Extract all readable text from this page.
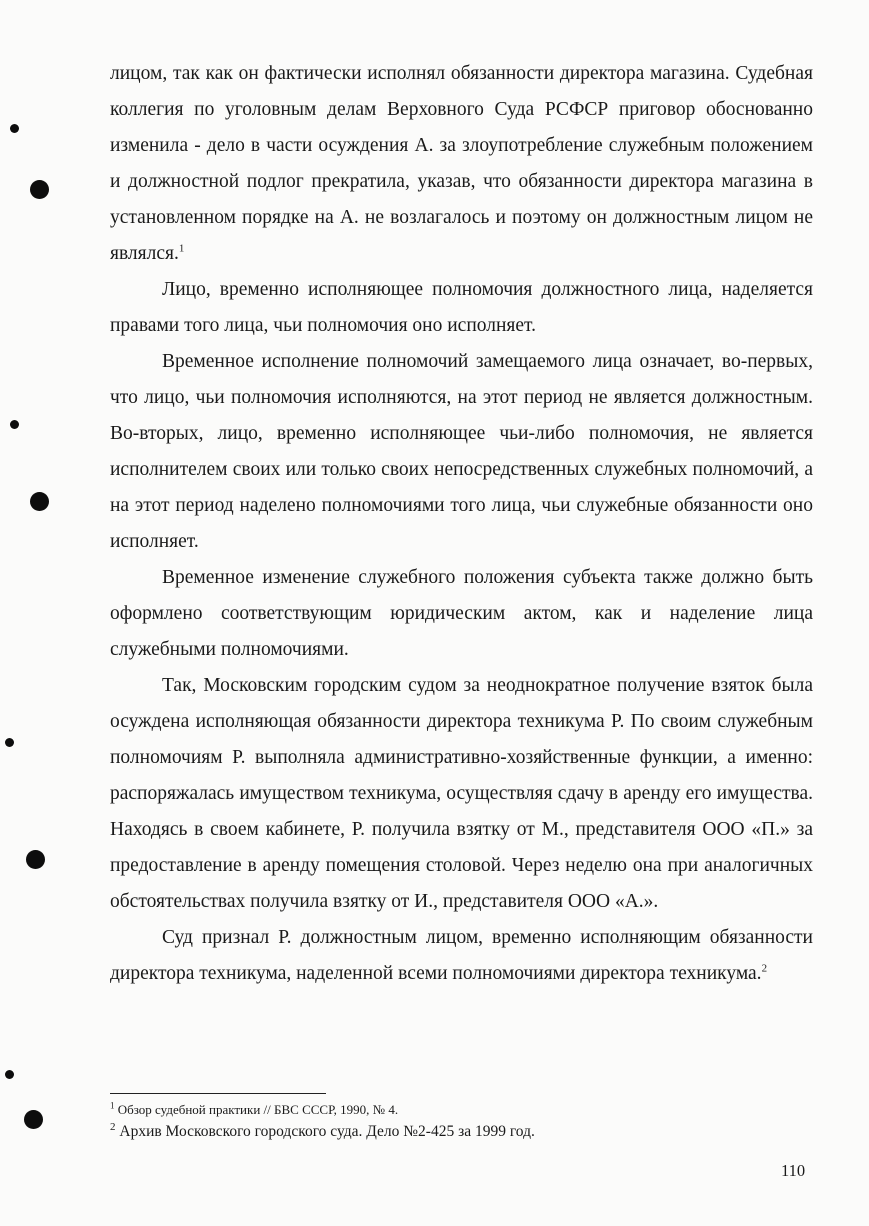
лицом, так как он фактически исполнял обязанности директора магазина. Судебная коллегия по уголовным делам Верховного Суда РСФСР приговор обоснованно изменила - дело в части осуждения А. за злоупотребление служебным положением и должностной подлог прекратила, указав, что обязанности директора магазина в установленном порядке на А. не возлагалось и поэтому он должностным лицом не являлся.$^1$

Лицо, временно исполняющее полномочия должностного лица, наделяется правами того лица, чьи полномочия оно исполняет.

Временное исполнение полномочий замещаемого лица означает, во-первых, что лицо, чьи полномочия исполняются, на этот период не является должностным. Во-вторых, лицо, временно исполняющее чьи-либо полномочия, не является исполнителем своих или только своих непосредственных служебных полномочий, а на этот период наделено полномочиями того лица, чьи служебные обязанности оно исполняет.

Временное изменение служебного положения субъекта также должно быть оформлено соответствующим юридическим актом, как и наделение лица служебными полномочиями.

Так, Московским городским судом за неоднократное получение взяток была осуждена исполняющая обязанности директора техникума Р. По своим служебным полномочиям Р. выполняла административно-хозяйственные функции, а именно: распоряжалась имуществом техникума, осуществляя сдачу в аренду его имущества. Находясь в своем кабинете, Р. получила взятку от М., представителя ООО «П.» за предоставление в аренду помещения столовой. Через неделю она при аналогичных обстоятельствах получила взятку от И., представителя ООО «А.».

Суд признал Р. должностным лицом, временно исполняющим обязанности директора техникума, наделенной всеми полномочиями директора техникума.$^2$

$^1$ Обзор судебной практики // БВС СССР, 1990, № 4.
$^2$ Архив Московского городского суда. Дело №2-425 за 1999 год.
110
